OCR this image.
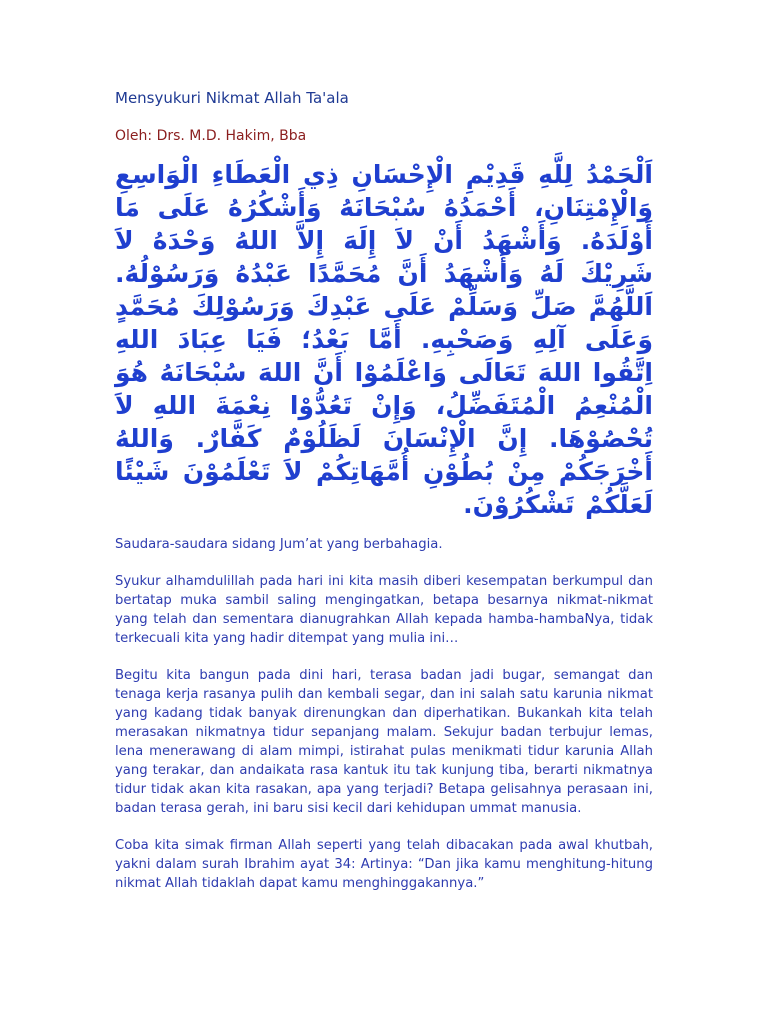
Mensyukuri Nikmat Allah Ta'ala

Oleh: Drs. M.D. Hakim, Bba

اَلْحَمْدُ لِلَّهِ قَدِيْمِ الْإِحْسَانِ ذِي الْعَطَاءِ الْوَاسِعِ وَالْإِمْتِنَانِ، أَحْمَدُهُ سُبْحَانَهُ وَأَشْكُرُهُ عَلَى مَا أَوْلَدَهُ. وَأَشْهَدُ أَنْ لاَ إِلَهَ إِلاَّ اللهُ وَحْدَهُ لاَ شَرِيْكَ لَهُ وَأَشْهَدُ أَنَّ مُحَمَّدًا عَبْدُهُ وَرَسُوْلُهُ. اَللَّهُمَّ صَلِّ وَسَلِّمْ عَلَى عَبْدِكَ وَرَسُوْلِكَ مُحَمَّدٍ وَعَلَى آلِهِ وَصَحْبِهِ. أَمَّا بَعْدُ؛ فَيَا عِبَادَ اللهِ اِتَّقُوا اللهَ تَعَالَى وَاعْلَمُوْا أَنَّ اللهَ سُبْحَانَهُ هُوَ الْمُنْعِمُ الْمُتَفَضِّلُ، وَإِنْ تَعُدُّوْا نِعْمَةَ اللهِ لاَ تُحْصُوْهَا. إِنَّ الْإِنْسَانَ لَظَلُوْمٌ كَفَّارٌ. وَاللهُ أَخْرَجَكُمْ مِنْ بُطُوْنِ أُمَّهَاتِكُمْ لاَ تَعْلَمُوْنَ شَيْئًا لَعَلَّكُمْ تَشْكُرُوْنَ.

Saudara-saudara sidang Jum’at yang berbahagia.

Syukur alhamdulillah pada hari ini kita masih diberi kesempatan berkumpul dan bertatap muka sambil saling mengingatkan, betapa besarnya nikmat-nikmat yang telah dan sementara dianugrahkan Allah kepada hamba-hambaNya, tidak terkecuali kita yang hadir ditempat yang mulia ini…

Begitu kita bangun pada dini hari, terasa badan jadi bugar, semangat dan tenaga kerja rasanya pulih dan kembali segar, dan ini salah satu karunia nikmat yang kadang tidak banyak direnungkan dan diperhatikan. Bukankah kita telah merasakan nikmatnya tidur sepanjang malam. Sekujur badan terbujur lemas, lena menerawang di alam mimpi, istirahat pulas menikmati tidur karunia Allah yang terakar, dan andaikata rasa kantuk itu tak kunjung tiba, berarti nikmatnya tidur tidak akan kita rasakan, apa yang terjadi? Betapa gelisahnya perasaan ini, badan terasa gerah, ini baru sisi kecil dari kehidupan ummat manusia.

Coba kita simak firman Allah seperti yang telah dibacakan pada awal khutbah, yakni dalam surah Ibrahim ayat 34: Artinya: “Dan jika kamu menghitung-hitung nikmat Allah tidaklah dapat kamu menghinggakannya.”
